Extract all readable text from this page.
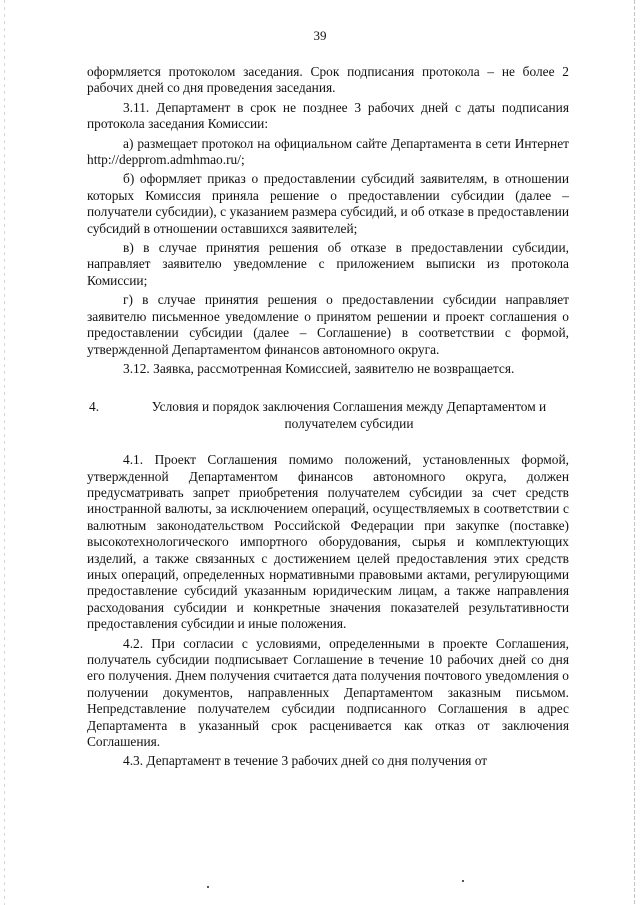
39

оформляется протоколом заседания. Срок подписания протокола – не более 2 рабочих дней со дня проведения заседания.

3.11. Департамент в срок не позднее 3 рабочих дней с даты подписания протокола заседания Комиссии:

а) размещает протокол на официальном сайте Департамента в сети Интернет http://depprom.admhmao.ru/;

б) оформляет приказ о предоставлении субсидий заявителям, в отношении которых Комиссия приняла решение о предоставлении субсидии (далее – получатели субсидии), с указанием размера субсидий, и об отказе в предоставлении субсидий в отношении оставшихся заявителей;

в) в случае принятия решения об отказе в предоставлении субсидии, направляет заявителю уведомление с приложением выписки из протокола Комиссии;

г) в случае принятия решения о предоставлении субсидии направляет заявителю письменное уведомление о принятом решении и проект соглашения о предоставлении субсидии (далее – Соглашение) в соответствии с формой, утвержденной Департаментом финансов автономного округа.

3.12. Заявка, рассмотренная Комиссией, заявителю не возвращается.

4.	Условия и порядок заключения Соглашения между Департаментом и получателем субсидии

4.1. Проект Соглашения помимо положений, установленных формой, утвержденной Департаментом финансов автономного округа, должен предусматривать запрет приобретения получателем субсидии за счет средств иностранной валюты, за исключением операций, осуществляемых в соответствии с валютным законодательством Российской Федерации при закупке (поставке) высокотехнологического импортного оборудования, сырья и комплектующих изделий, а также связанных с достижением целей предоставления этих средств иных операций, определенных нормативными правовыми актами, регулирующими предоставление субсидий указанным юридическим лицам, а также направления расходования субсидии и конкретные значения показателей результативности предоставления субсидии и иные положения.

4.2. При согласии с условиями, определенными в проекте Соглашения, получатель субсидии подписывает Соглашение в течение 10 рабочих дней со дня его получения. Днем получения считается дата получения почтового уведомления о получении документов, направленных Департаментом заказным письмом. Непредставление получателем субсидии подписанного Соглашения в адрес Департамента в указанный срок расценивается как отказ от заключения Соглашения.

4.3. Департамент в течение 3 рабочих дней со дня получения от
